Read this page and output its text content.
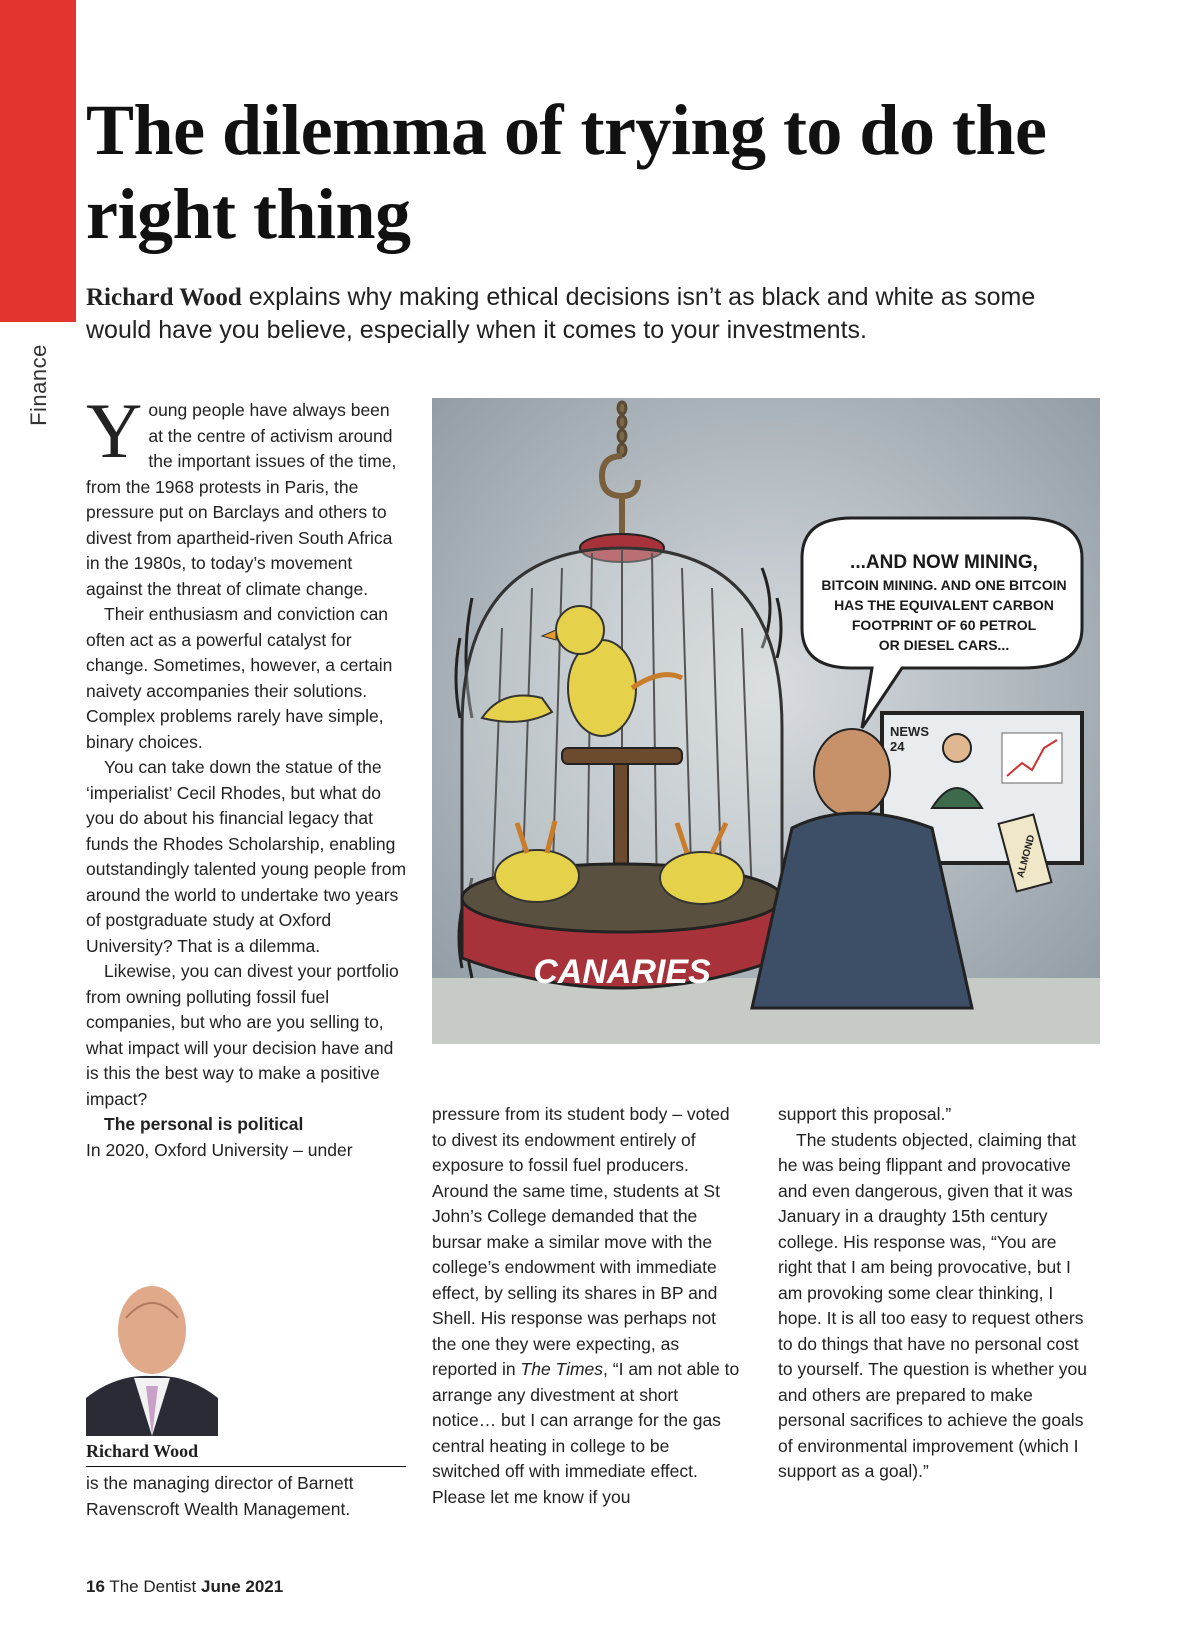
Finance
The dilemma of trying to do the right thing

Richard Wood explains why making ethical decisions isn’t as black and white as some would have you believe, especially when it comes to your investments.

Young people have always been at the centre of activism around the important issues of the time, from the 1968 protests in Paris, the pressure put on Barclays and others to divest from apartheid-riven South Africa in the 1980s, to today’s movement against the threat of climate change.

Their enthusiasm and conviction can often act as a powerful catalyst for change. Sometimes, however, a certain naivety accompanies their solutions. Complex problems rarely have simple, binary choices.

You can take down the statue of the ‘imperialist’ Cecil Rhodes, but what do you do about his financial legacy that funds the Rhodes Scholarship, enabling outstandingly talented young people from around the world to undertake two years of postgraduate study at Oxford University? That is a dilemma.

Likewise, you can divest your portfolio from owning polluting fossil fuel companies, but who are you selling to, what impact will your decision have and is this the best way to make a positive impact?

The personal is political

In 2020, Oxford University – under

CANARIES
...AND NOW MINING,
BITCOIN MINING. AND ONE BITCOIN
HAS THE EQUIVALENT CARBON
FOOTPRINT OF 60 PETROL
OR DIESEL CARS...
NEWS
24
ALMOND

pressure from its student body – voted to divest its endowment entirely of exposure to fossil fuel producers. Around the same time, students at St John’s College demanded that the bursar make a similar move with the college’s endowment with immediate effect, by selling its shares in BP and Shell. His response was perhaps not the one they were expecting, as reported in The Times, “I am not able to arrange any divestment at short notice… but I can arrange for the gas central heating in college to be switched off with immediate effect. Please let me know if you

support this proposal.”

The students objected, claiming that he was being flippant and provocative and even dangerous, given that it was January in a draughty 15th century college. His response was, “You are right that I am being provocative, but I am provoking some clear thinking, I hope. It is all too easy to request others to do things that have no personal cost to yourself. The question is whether you and others are prepared to make personal sacrifices to achieve the goals of environmental improvement (which I support as a goal).”

Richard Wood
is the managing director of Barnett Ravenscroft Wealth Management.
16 The Dentist June 2021
